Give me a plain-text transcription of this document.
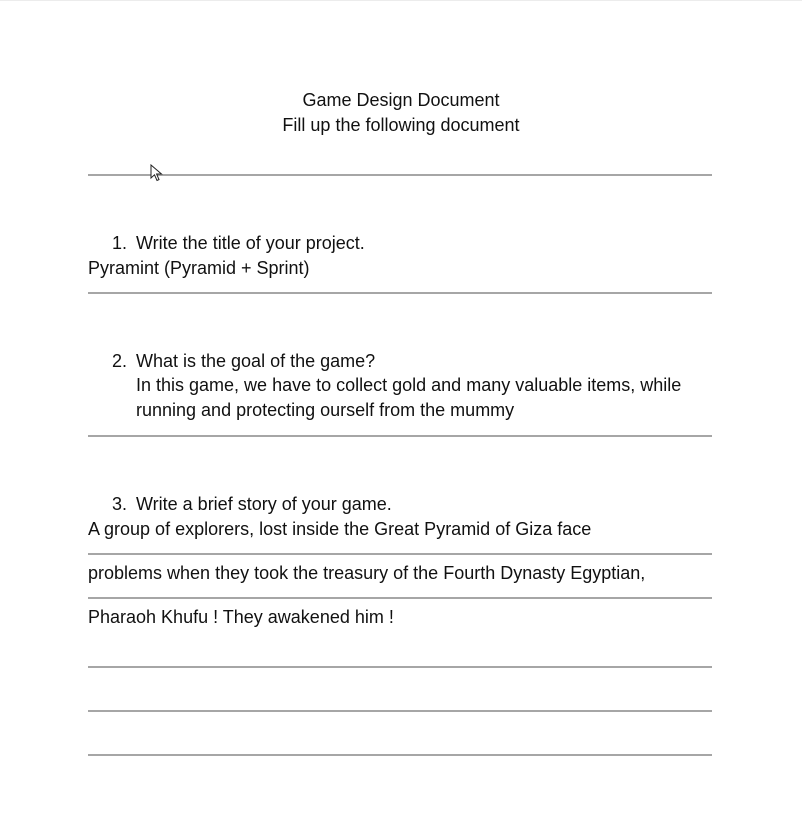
Game Design Document
Fill up the following document
1. Write the title of your project.
Pyramint (Pyramid + Sprint)
2. What is the goal of the game?
In this game, we have to collect gold and many valuable items, while running and protecting ourself from the mummy
3. Write a brief story of your game.
A group of explorers, lost inside the Great Pyramid of Giza face
problems when they took the treasury of the Fourth Dynasty Egyptian,
Pharaoh Khufu ! They awakened him !
